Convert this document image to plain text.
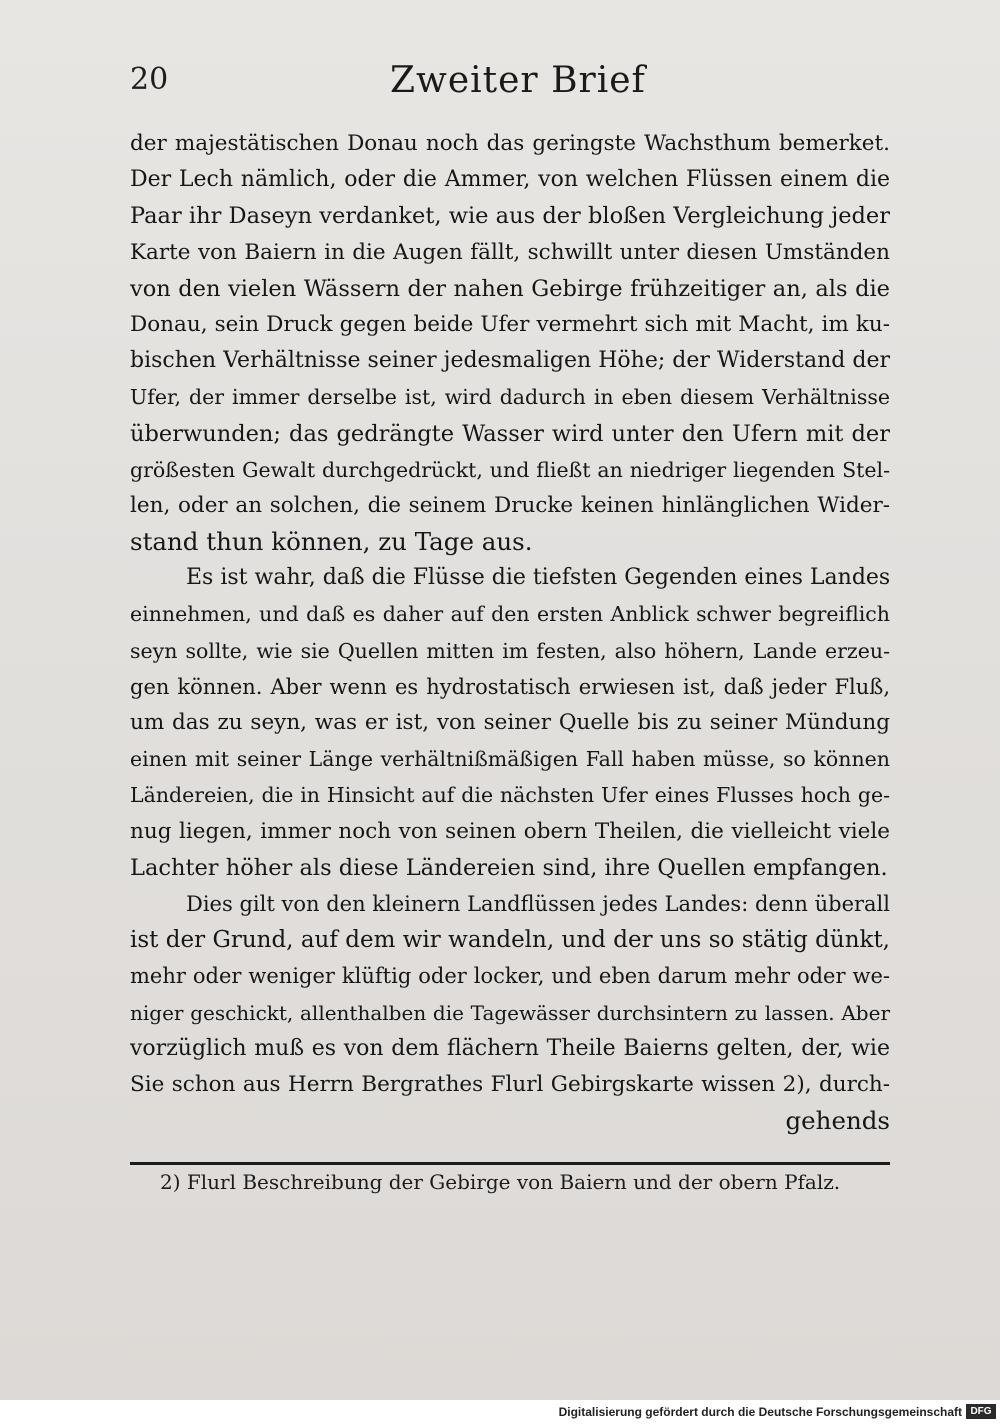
20	Zweiter Brief
der majestätischen Donau noch das geringste Wachsthum bemerket.
Der Lech nämlich, oder die Ammer, von welchen Flüssen einem die
Paar ihr Daseyn verdanket, wie aus der bloßen Vergleichung jeder
Karte von Baiern in die Augen fällt, schwillt unter diesen Umständen
von den vielen Wässern der nahen Gebirge frühzeitiger an, als die
Donau, sein Druck gegen beide Ufer vermehrt sich mit Macht, im ku-
bischen Verhältnisse seiner jedesmaligen Höhe; der Widerstand der
Ufer, der immer derselbe ist, wird dadurch in eben diesem Verhältnisse
überwunden; das gedrängte Wasser wird unter den Ufern mit der
größesten Gewalt durchgedrückt, und fließt an niedriger liegenden Stel-
len, oder an solchen, die seinem Drucke keinen hinlänglichen Wider-
stand thun können, zu Tage aus.
Es ist wahr, daß die Flüsse die tiefsten Gegenden eines Landes
einnehmen, und daß es daher auf den ersten Anblick schwer begreiflich
seyn sollte, wie sie Quellen mitten im festen, also höhern, Lande erzeu-
gen können. Aber wenn es hydrostatisch erwiesen ist, daß jeder Fluß,
um das zu seyn, was er ist, von seiner Quelle bis zu seiner Mündung
einen mit seiner Länge verhältnißmäßigen Fall haben müsse, so können
Ländereien, die in Hinsicht auf die nächsten Ufer eines Flusses hoch ge-
nug liegen, immer noch von seinen obern Theilen, die vielleicht viele
Lachter höher als diese Ländereien sind, ihre Quellen empfangen.
Dies gilt von den kleinern Landflüssen jedes Landes: denn überall
ist der Grund, auf dem wir wandeln, und der uns so stätig dünkt,
mehr oder weniger klüftig oder locker, und eben darum mehr oder we-
niger geschickt, allenthalben die Tagewässer durchsintern zu lassen. Aber
vorzüglich muß es von dem flächern Theile Baierns gelten, der, wie
Sie schon aus Herrn Bergrathes Flurl Gebirgskarte wissen 2), durch-
gehends
2) Flurl Beschreibung der Gebirge von Baiern und der obern Pfalz.
Digitalisierung gefördert durch die Deutsche Forschungsgemeinschaft DFG
